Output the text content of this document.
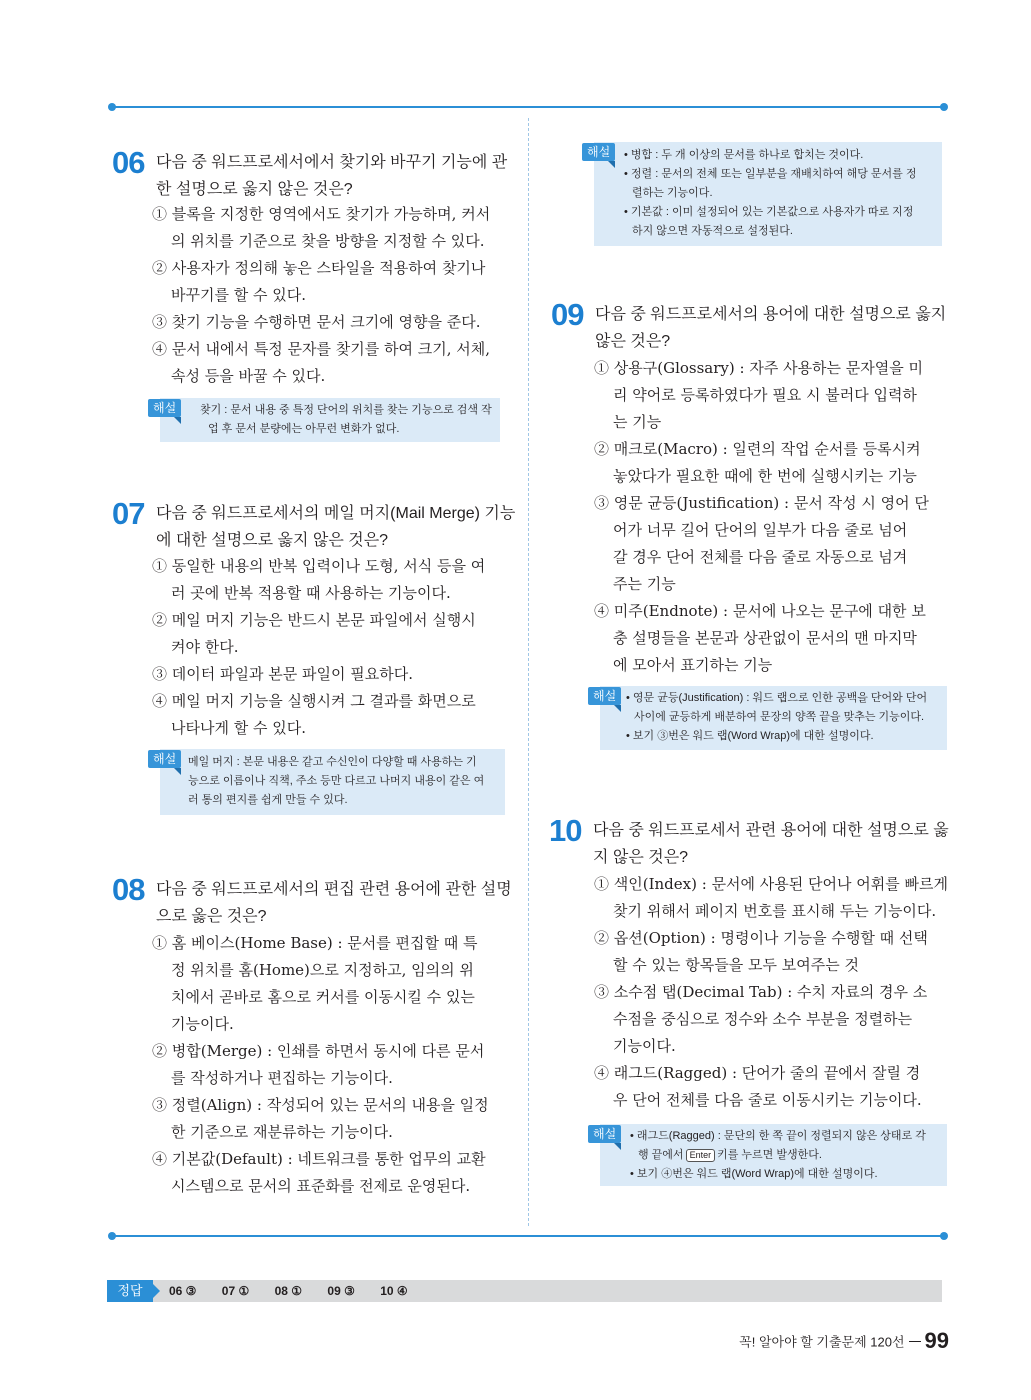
06 다음 중 워드프로세서에서 찾기와 바꾸기 기능에 관
한 설명으로 옳지 않은 것은?
① 블록을 지정한 영역에서도 찾기가 가능하며, 커서
의 위치를 기준으로 찾을 방향을 지정할 수 있다.
② 사용자가 정의해 놓은 스타일을 적용하여 찾기나
바꾸기를 할 수 있다.
③ 찾기 기능을 수행하면 문서 크기에 영향을 준다.
④ 문서 내에서 특정 문자를 찾기를 하여 크기, 서체,
속성 등을 바꿀 수 있다.
해설	찾기 : 문서 내용 중 특정 단어의 위치를 찾는 기능으로 검색 작
업 후 문서 분량에는 아무런 변화가 없다.
07 다음 중 워드프로세서의 메일 머지(Mail Merge) 기능
에 대한 설명으로 옳지 않은 것은?
① 동일한 내용의 반복 입력이나 도형, 서식 등을 여
러 곳에 반복 적용할 때 사용하는 기능이다.
② 메일 머지 기능은 반드시 본문 파일에서 실행시
켜야 한다.
③ 데이터 파일과 본문 파일이 필요하다.
④ 메일 머지 기능을 실행시켜 그 결과를 화면으로
나타나게 할 수 있다.
해설	메일 머지 : 본문 내용은 같고 수신인이 다양할 때 사용하는 기
능으로 이름이나 직책, 주소 등만 다르고 나머지 내용이 같은 여
러 통의 편지를 쉽게 만들 수 있다.
08 다음 중 워드프로세서의 편집 관련 용어에 관한 설명
으로 옳은 것은?
① 홈 베이스(Home Base) : 문서를 편집할 때 특
정 위치를 홈(Home)으로 지정하고, 임의의 위
치에서 곧바로 홈으로 커서를 이동시킬 수 있는
기능이다.
② 병합(Merge) : 인쇄를 하면서 동시에 다른 문서
를 작성하거나 편집하는 기능이다.
③ 정렬(Align) : 작성되어 있는 문서의 내용을 일정
한 기준으로 재분류하는 기능이다.
④ 기본값(Default) : 네트워크를 통한 업무의 교환
시스템으로 문서의 표준화를 전제로 운영된다.
해설	• 병합 : 두 개 이상의 문서를 하나로 합치는 것이다.
• 정렬 : 문서의 전체 또는 일부분을 재배치하여 해당 문서를 정
렬하는 기능이다.
• 기본값 : 이미 설정되어 있는 기본값으로 사용자가 따로 지정
하지 않으면 자동적으로 설정된다.
09 다음 중 워드프로세서의 용어에 대한 설명으로 옳지
않은 것은?
① 상용구(Glossary) : 자주 사용하는 문자열을 미
리 약어로 등록하였다가 필요 시 불러다 입력하
는 기능
② 매크로(Macro) : 일련의 작업 순서를 등록시켜
놓았다가 필요한 때에 한 번에 실행시키는 기능
③ 영문 균등(Justification) : 문서 작성 시 영어 단
어가 너무 길어 단어의 일부가 다음 줄로 넘어
갈 경우 단어 전체를 다음 줄로 자동으로 넘겨
주는 기능
④ 미주(Endnote) : 문서에 나오는 문구에 대한 보
충 설명들을 본문과 상관없이 문서의 맨 마지막
에 모아서 표기하는 기능
해설 • 영문 균등(Justification) : 워드 랩으로 인한 공백을 단어와 단어
사이에 균등하게 배분하여 문장의 양쪽 끝을 맞추는 기능이다.
• 보기 ③번은 워드 랩(Word Wrap)에 대한 설명이다.
10 다음 중 워드프로세서 관련 용어에 대한 설명으로 옳
지 않은 것은?
① 색인(Index) : 문서에 사용된 단어나 어휘를 빠르게
찾기 위해서 페이지 번호를 표시해 두는 기능이다.
② 옵션(Option) : 명령이나 기능을 수행할 때 선택
할 수 있는 항목들을 모두 보여주는 것
③ 소수점 탭(Decimal Tab) : 수치 자료의 경우 소
수점을 중심으로 정수와 소수 부분을 정렬하는
기능이다.
④ 래그드(Ragged) : 단어가 줄의 끝에서 잘릴 경
우 단어 전체를 다음 줄로 이동시키는 기능이다.
해설	• 래그드(Ragged) : 문단의 한 쪽 끝이 정렬되지 않은 상태로 각
행 끝에서 Enter 키를 누르면 발생한다.
• 보기 ④번은 워드 랩(Word Wrap)에 대한 설명이다.
정답	06 ③ 07 ① 08 ① 09 ③ 10 ④
꼭! 알아야 할 기출문제 120선 99
